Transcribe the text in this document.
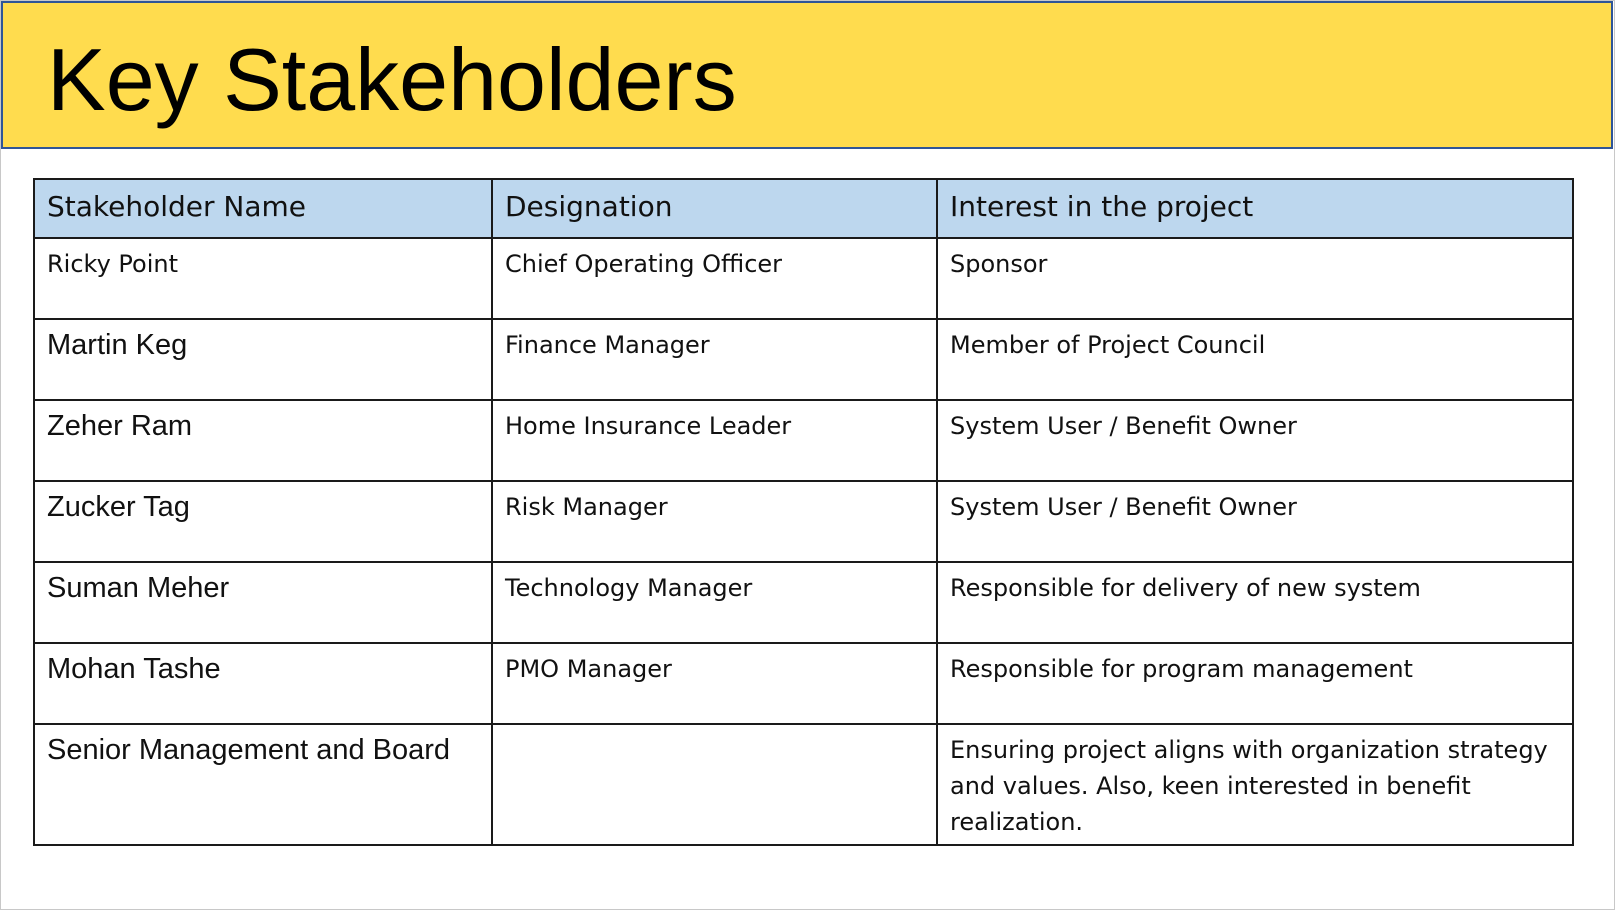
Key Stakeholders
Stakeholder Name	Designation	Interest in the project
Ricky Point	Chief Operating Officer	Sponsor
Martin Keg	Finance Manager	Member of Project Council
Zeher Ram	Home Insurance Leader	System User / Benefit Owner
Zucker Tag	Risk Manager	System User / Benefit Owner
Suman Meher	Technology Manager	Responsible for delivery of new system
Mohan Tashe	PMO Manager	Responsible for program management
Senior Management and Board		Ensuring project aligns with organization strategy and values. Also, keen interested in benefit realization.
